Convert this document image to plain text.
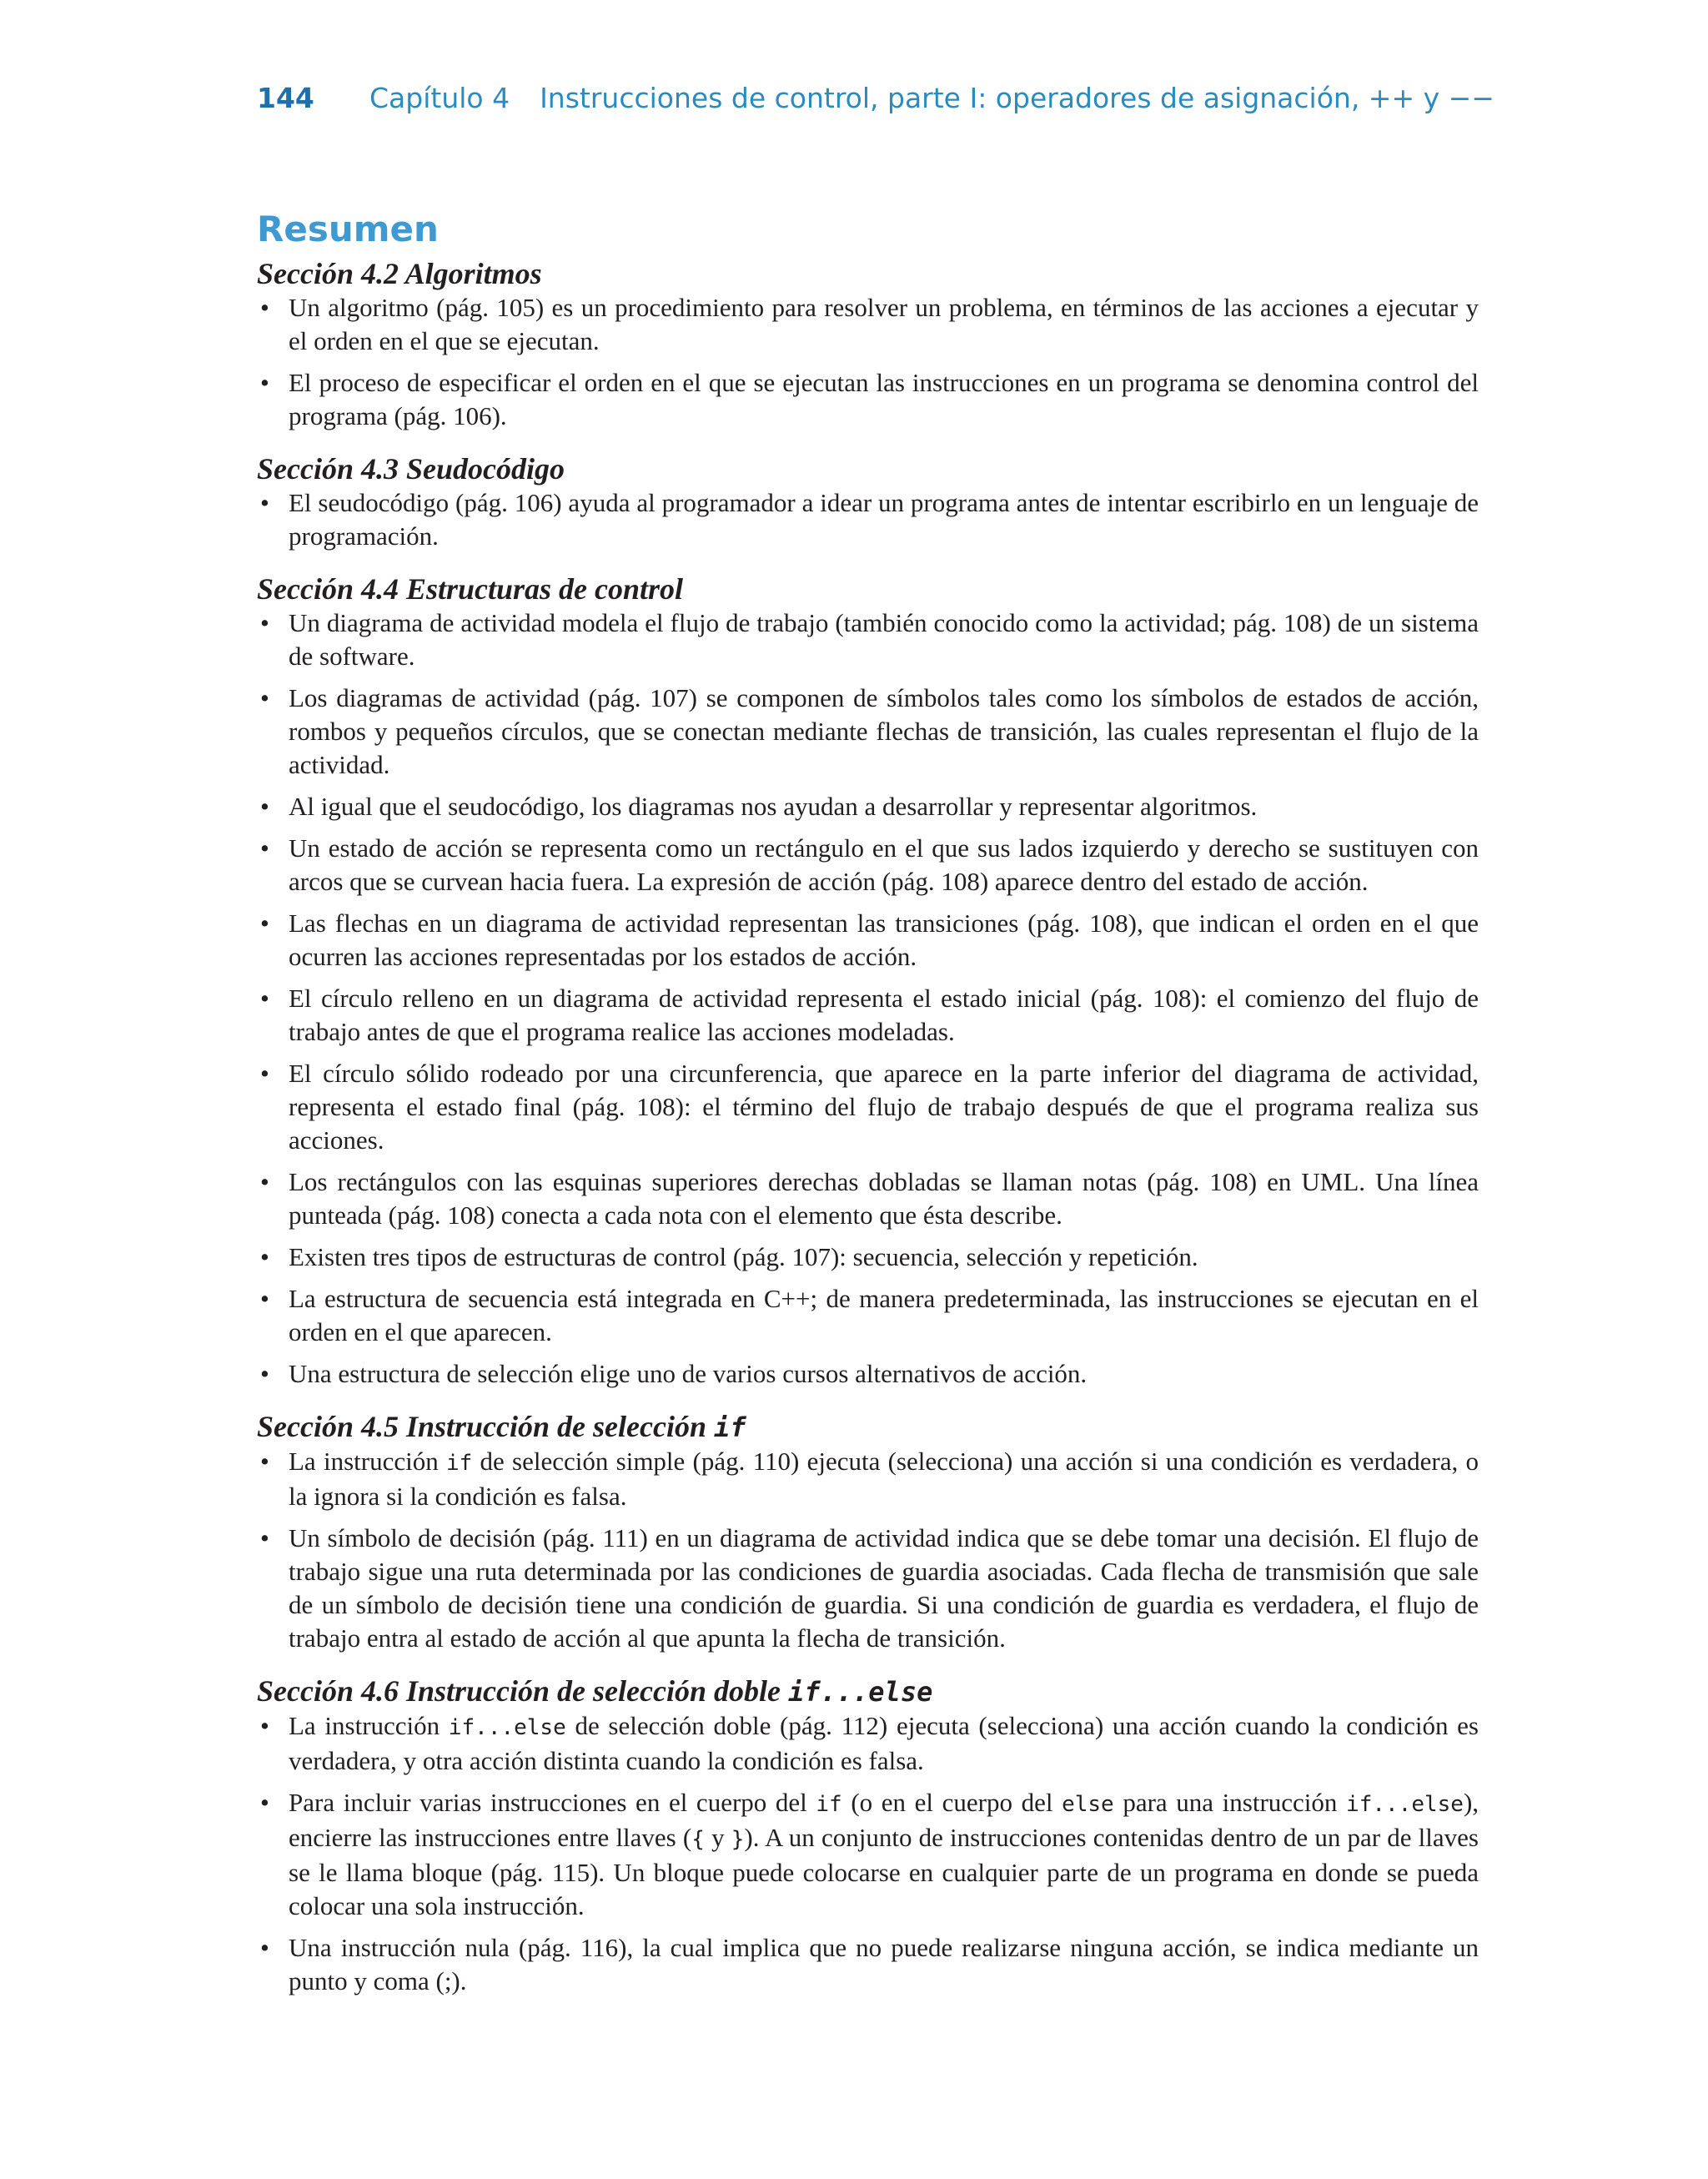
144 Capítulo 4 Instrucciones de control, parte I: operadores de asignación, ++ y −−
Resumen
Sección 4.2 Algoritmos
• Un algoritmo (pág. 105) es un procedimiento para resolver un problema, en términos de las acciones a ejecutar y el orden en el que se ejecutan.
• El proceso de especificar el orden en el que se ejecutan las instrucciones en un programa se denomina control del programa (pág. 106).
Sección 4.3 Seudocódigo
• El seudocódigo (pág. 106) ayuda al programador a idear un programa antes de intentar escribirlo en un lenguaje de programación.
Sección 4.4 Estructuras de control
• Un diagrama de actividad modela el flujo de trabajo (también conocido como la actividad; pág. 108) de un sistema de software.
• Los diagramas de actividad (pág. 107) se componen de símbolos tales como los símbolos de estados de acción, rombos y pequeños círculos, que se conectan mediante flechas de transición, las cuales representan el flujo de la actividad.
• Al igual que el seudocódigo, los diagramas nos ayudan a desarrollar y representar algoritmos.
• Un estado de acción se representa como un rectángulo en el que sus lados izquierdo y derecho se sustituyen con arcos que se curvean hacia fuera. La expresión de acción (pág. 108) aparece dentro del estado de acción.
• Las flechas en un diagrama de actividad representan las transiciones (pág. 108), que indican el orden en el que ocurren las acciones representadas por los estados de acción.
• El círculo relleno en un diagrama de actividad representa el estado inicial (pág. 108): el comienzo del flujo de trabajo antes de que el programa realice las acciones modeladas.
• El círculo sólido rodeado por una circunferencia, que aparece en la parte inferior del diagrama de actividad, representa el estado final (pág. 108): el término del flujo de trabajo después de que el programa realiza sus acciones.
• Los rectángulos con las esquinas superiores derechas dobladas se llaman notas (pág. 108) en UML. Una línea punteada (pág. 108) conecta a cada nota con el elemento que ésta describe.
• Existen tres tipos de estructuras de control (pág. 107): secuencia, selección y repetición.
• La estructura de secuencia está integrada en C++; de manera predeterminada, las instrucciones se ejecutan en el orden en el que aparecen.
• Una estructura de selección elige uno de varios cursos alternativos de acción.
Sección 4.5 Instrucción de selección if
• La instrucción if de selección simple (pág. 110) ejecuta (selecciona) una acción si una condición es verdadera, o la ignora si la condición es falsa.
• Un símbolo de decisión (pág. 111) en un diagrama de actividad indica que se debe tomar una decisión. El flujo de trabajo sigue una ruta determinada por las condiciones de guardia asociadas. Cada flecha de transmisión que sale de un símbolo de decisión tiene una condición de guardia. Si una condición de guardia es verdadera, el flujo de trabajo entra al estado de acción al que apunta la flecha de transición.
Sección 4.6 Instrucción de selección doble if...else
• La instrucción if...else de selección doble (pág. 112) ejecuta (selecciona) una acción cuando la condición es verdadera, y otra acción distinta cuando la condición es falsa.
• Para incluir varias instrucciones en el cuerpo del if (o en el cuerpo del else para una instrucción if...else), encierre las instrucciones entre llaves ({ y }). A un conjunto de instrucciones contenidas dentro de un par de llaves se le llama bloque (pág. 115). Un bloque puede colocarse en cualquier parte de un programa en donde se pueda colocar una sola instrucción.
• Una instrucción nula (pág. 116), la cual implica que no puede realizarse ninguna acción, se indica mediante un punto y coma (;).
